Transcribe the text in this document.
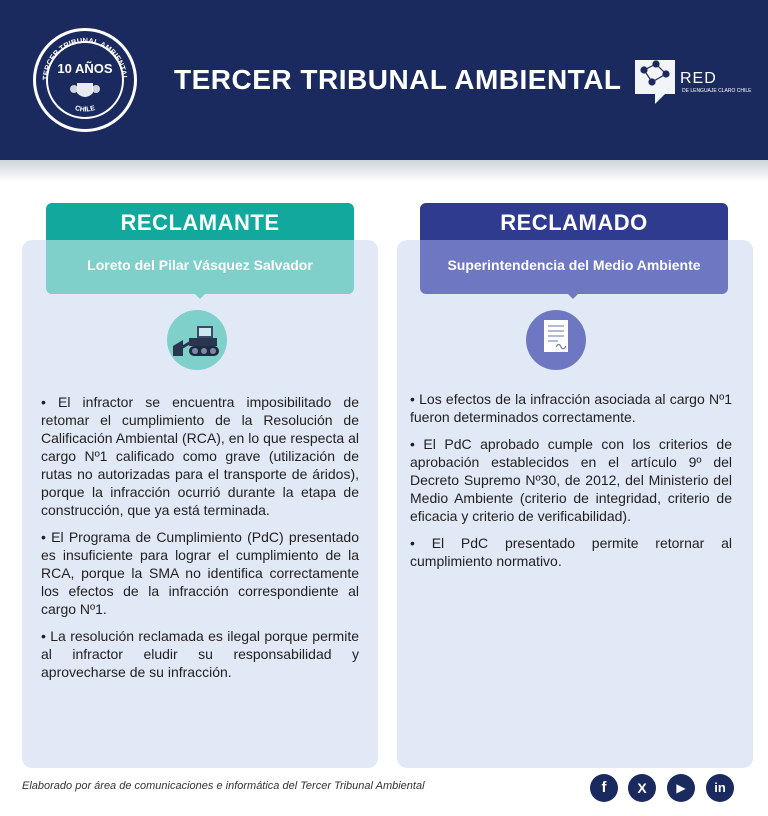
TERCER TRIBUNAL AMBIENTAL
CHILE
10 AÑOS	TERCER TRIBUNAL AMBIENTAL	RED
DE LENGUAJE CLARO CHILE
RECLAMANTE
Loreto del Pilar Vásquez Salvador

• El infractor se encuentra imposibilitado de retomar el cumplimiento de la Resolución de Calificación Ambiental (RCA), en lo que respecta al cargo Nº1 calificado como grave (utilización de rutas no autorizadas para el transporte de áridos), porque la infracción ocurrió durante la etapa de construcción, que ya está terminada.

• El Programa de Cumplimiento (PdC) presentado es insuficiente para lograr el cumplimiento de la RCA, porque la SMA no identifica correctamente los efectos de la infracción correspondiente al cargo Nº1.

• La resolución reclamada es ilegal porque permite al infractor eludir su responsabilidad y aprovecharse de su infracción.

RECLAMADO
Superintendencia del Medio Ambiente

• Los efectos de la infracción asociada al cargo Nº1 fueron determinados correctamente.

• El PdC aprobado cumple con los criterios de aprobación establecidos en el artículo 9º del Decreto Supremo Nº30, de 2012, del Ministerio del Medio Ambiente (criterio de integridad, criterio de eficacia y criterio de verificabilidad).

• El PdC presentado permite retornar al cumplimiento normativo.

Elaborado por área de comunicaciones e informática del Tercer Tribunal Ambiental	f	X	▶	in
